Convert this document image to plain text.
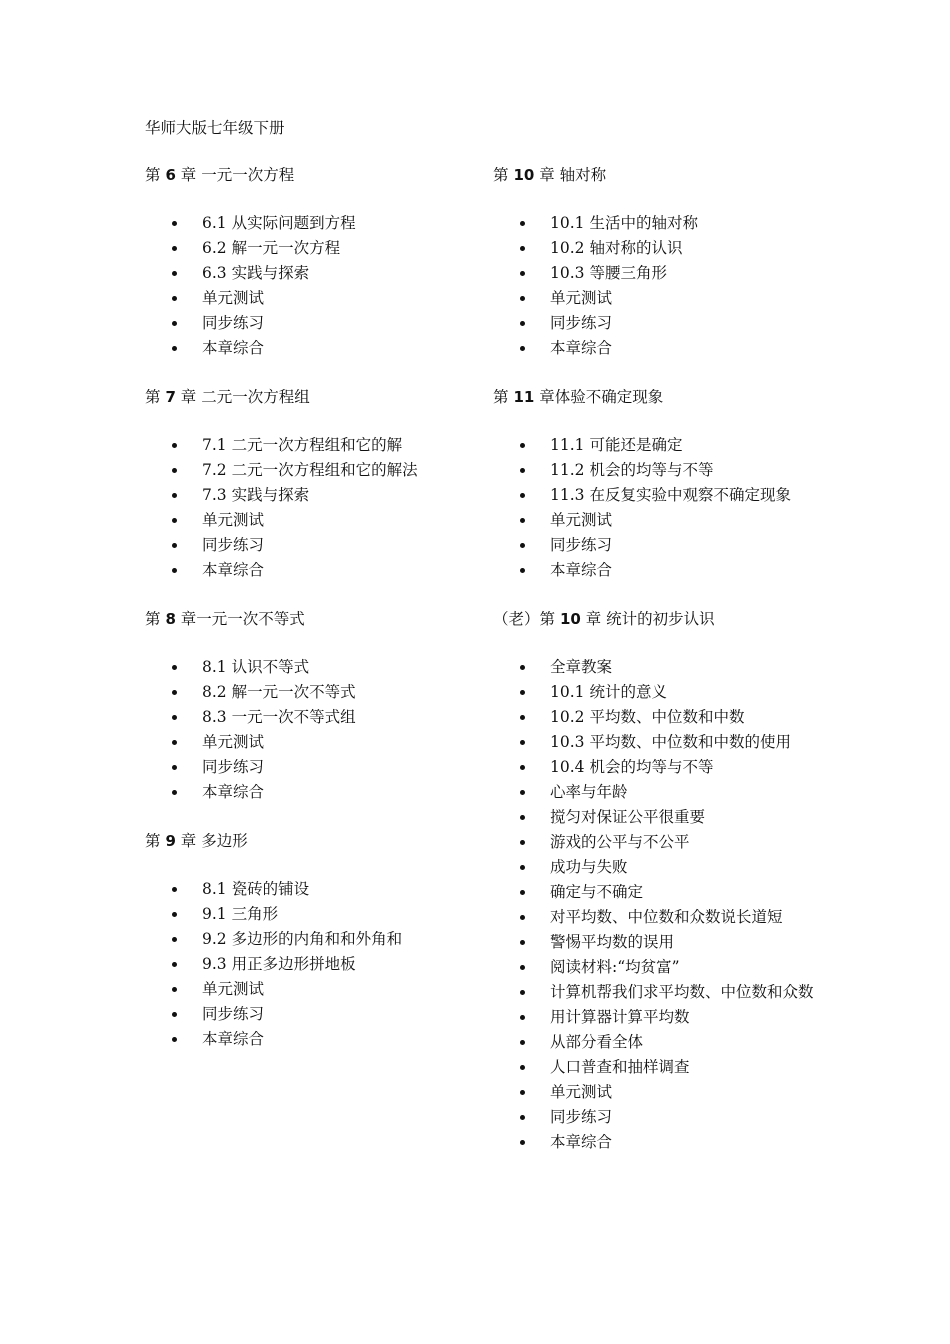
华师大版七年级下册
第 6 章 一元一次方程
6.1 从实际问题到方程
6.2 解一元一次方程
6.3 实践与探索
单元测试
同步练习
本章综合
第 7 章 二元一次方程组
7.1 二元一次方程组和它的解
7.2 二元一次方程组和它的解法
7.3 实践与探索
单元测试
同步练习
本章综合
第 8 章一元一次不等式
8.1 认识不等式
8.2 解一元一次不等式
8.3 一元一次不等式组
单元测试
同步练习
本章综合
第 9 章 多边形
8.1 瓷砖的铺设
9.1 三角形
9.2 多边形的内角和和外角和
9.3 用正多边形拼地板
单元测试
同步练习
本章综合
第 10 章 轴对称
10.1 生活中的轴对称
10.2 轴对称的认识
10.3 等腰三角形
单元测试
同步练习
本章综合
第 11 章体验不确定现象
11.1 可能还是确定
11.2 机会的均等与不等
11.3 在反复实验中观察不确定现象
单元测试
同步练习
本章综合
（老）第 10 章 统计的初步认识
全章教案
10.1 统计的意义
10.2 平均数、中位数和中数
10.3 平均数、中位数和中数的使用
10.4 机会的均等与不等
心率与年龄
搅匀对保证公平很重要
游戏的公平与不公平
成功与失败
确定与不确定
对平均数、中位数和众数说长道短
警惕平均数的误用
阅读材料:“均贫富”
计算机帮我们求平均数、中位数和众数
用计算器计算平均数
从部分看全体
人口普查和抽样调查
单元测试
同步练习
本章综合
